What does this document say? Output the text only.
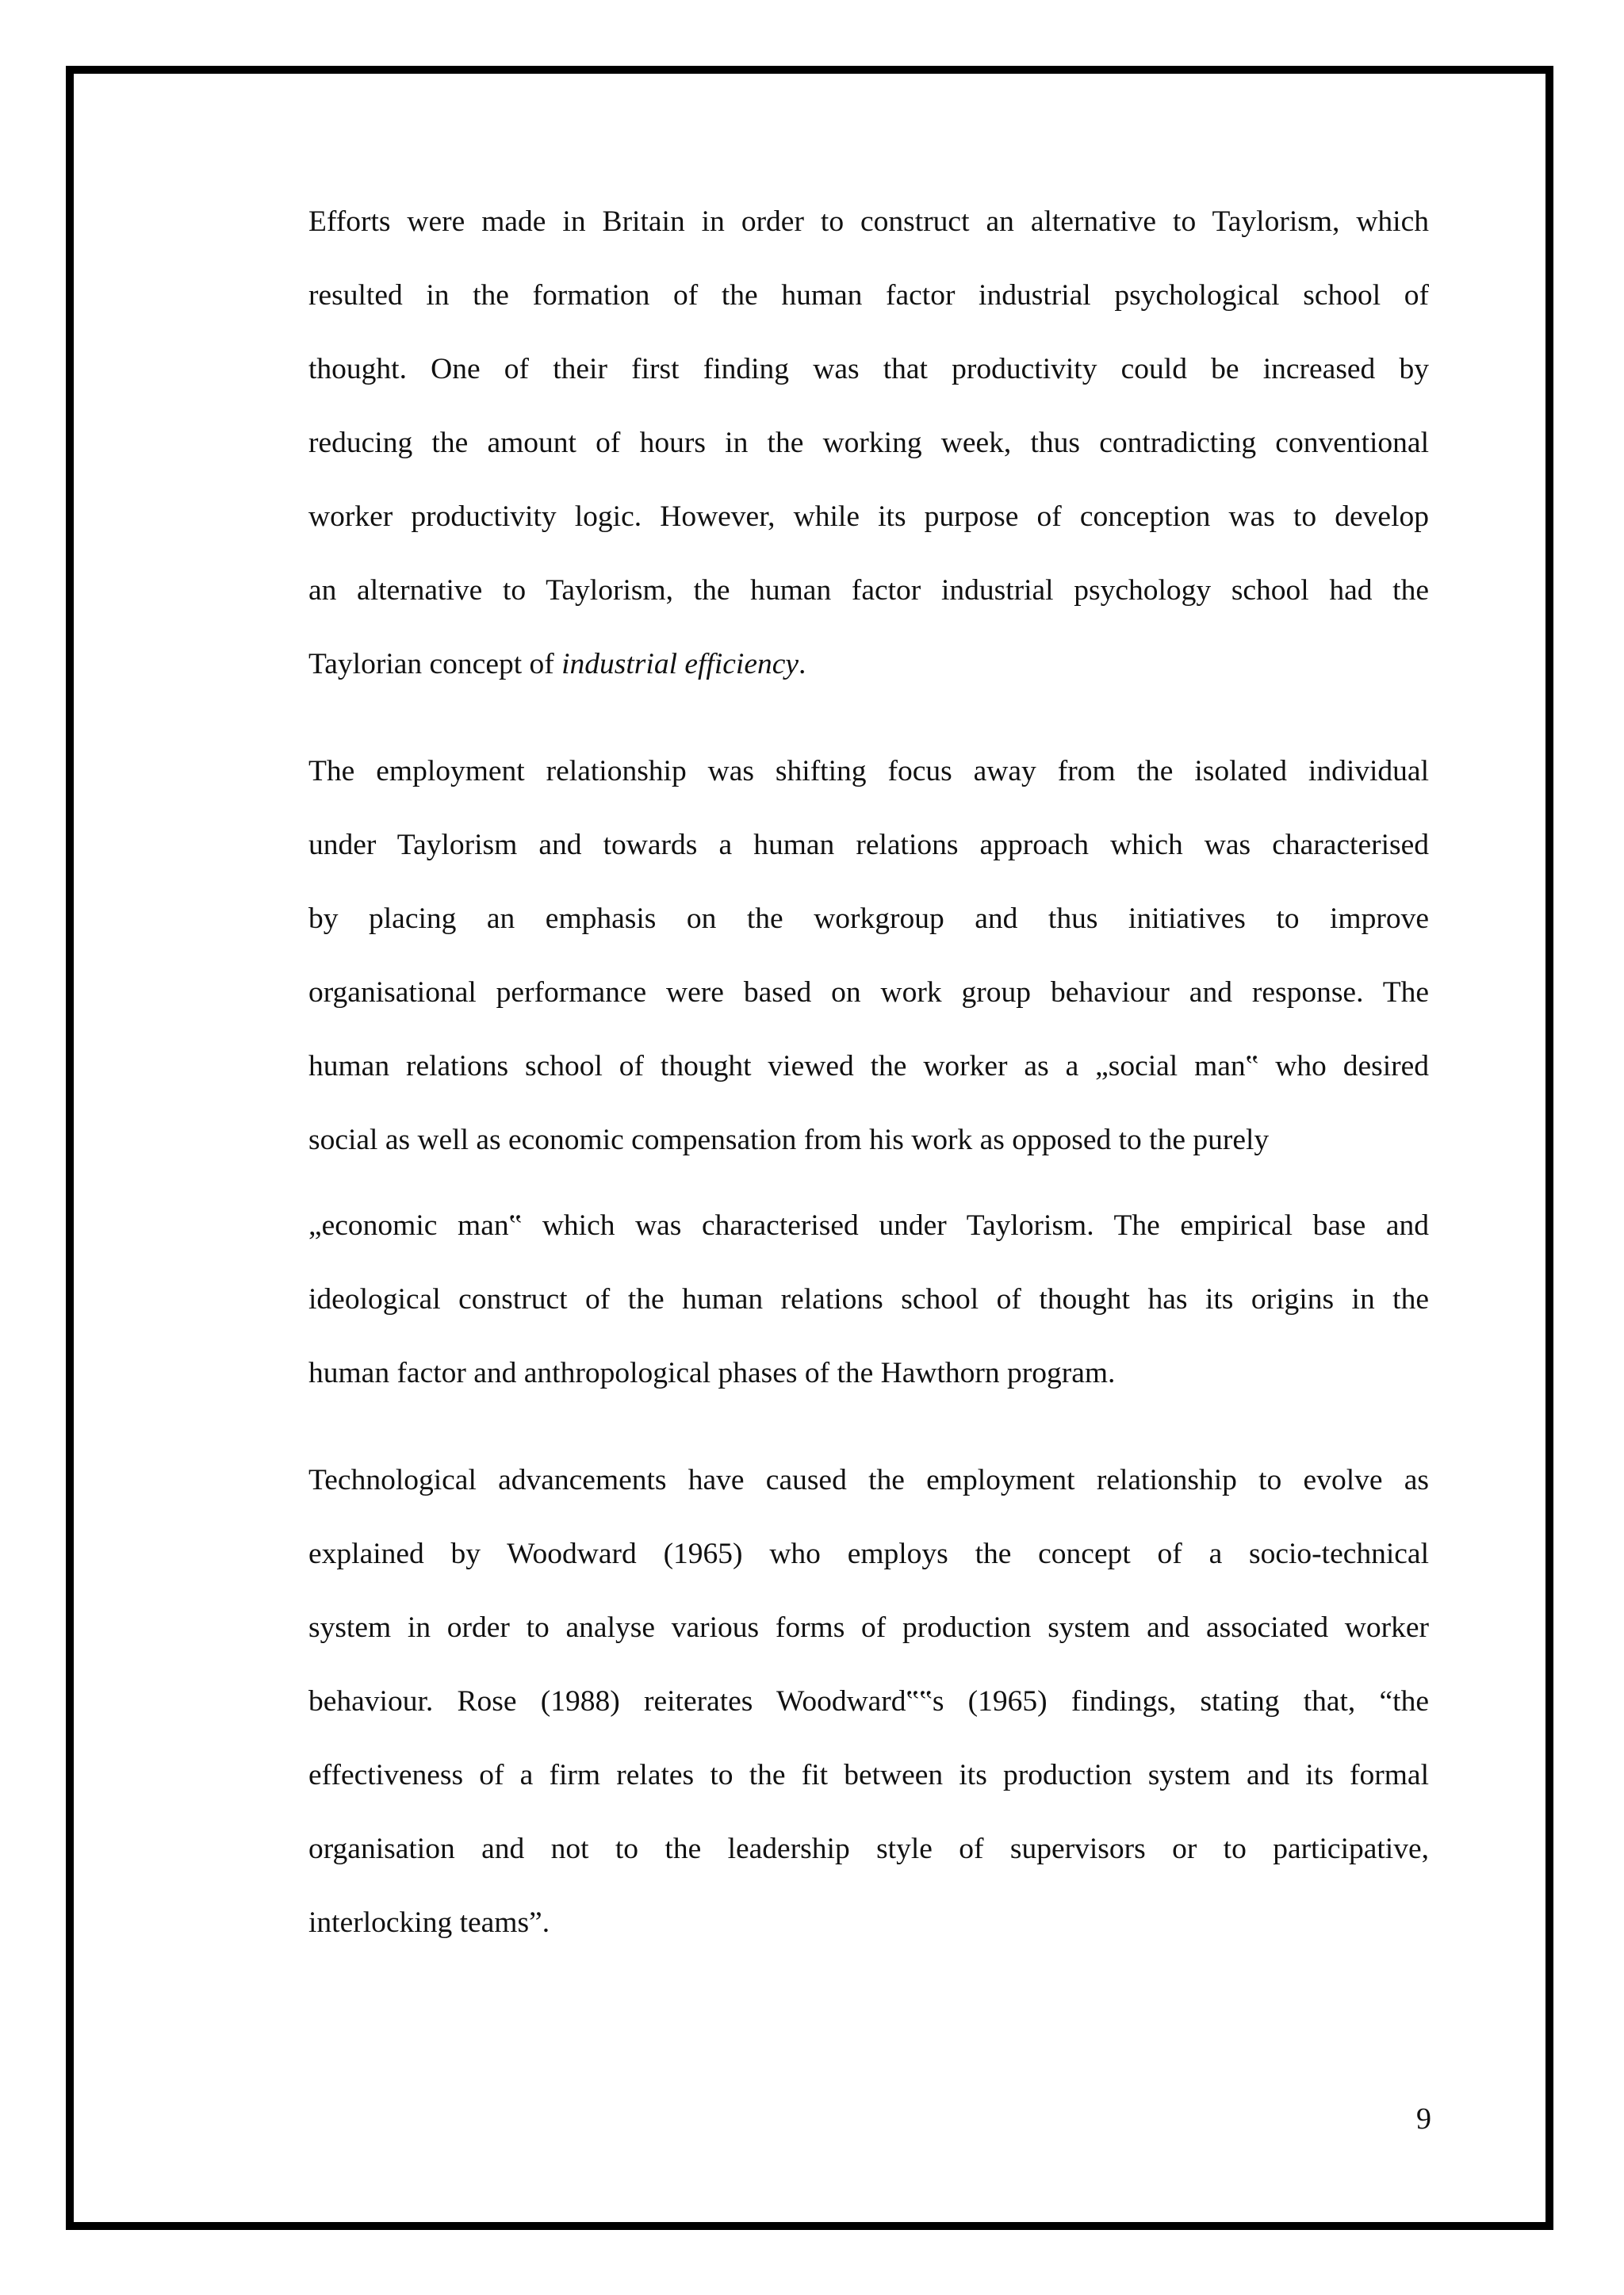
Efforts were made in Britain in order to construct an alternative to Taylorism, which
resulted in the formation of the human factor industrial psychological school of
thought. One of their first finding was that productivity could be increased by
reducing the amount of hours in the working week, thus contradicting conventional
worker productivity logic. However, while its purpose of conception was to develop
an alternative to Taylorism, the human factor industrial psychology school had the
Taylorian concept of industrial efficiency.
The employment relationship was shifting focus away from the isolated individual
under Taylorism and towards a human relations approach which was characterised
by placing an emphasis on the workgroup and thus initiatives to improve
organisational performance were based on work group behaviour and response. The
human relations school of thought viewed the worker as a „social man‟ who desired
social as well as economic compensation from his work as opposed to the purely
„economic man‟ which was characterised under Taylorism. The empirical base and
ideological construct of the human relations school of thought has its origins in the
human factor and anthropological phases of the Hawthorn program.
Technological advancements have caused the employment relationship to evolve as
explained by Woodward (1965) who employs the concept of a socio-technical
system in order to analyse various forms of production system and associated worker
behaviour. Rose (1988) reiterates Woodward‟‟s (1965) findings, stating that, “the
effectiveness of a firm relates to the fit between its production system and its formal
organisation and not to the leadership style of supervisors or to participative,
interlocking teams”.
9
